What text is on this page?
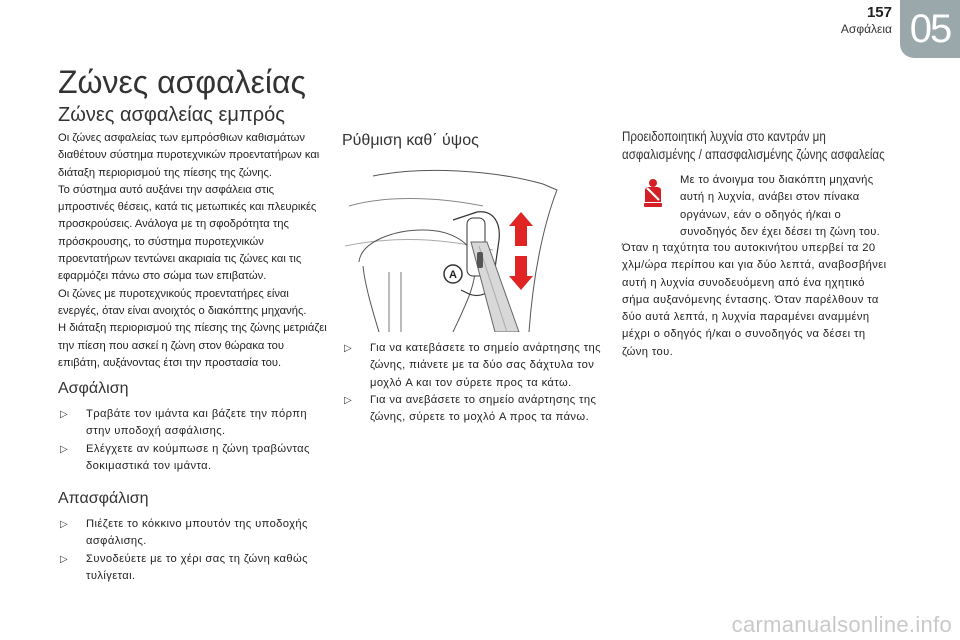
157
Ασφάλεια 05
Ζώνες ασφαλείας
Ζώνες ασφαλείας εμπρός

Οι ζώνες ασφαλείας των εμπρόσθιων καθισμάτων διαθέτουν σύστημα πυροτεχνικών προεντατήρων και διάταξη περιορισμού της πίεσης της ζώνης.

Το σύστημα αυτό αυξάνει την ασφάλεια στις μπροστινές θέσεις, κατά τις μετωπικές και πλευρικές προσκρούσεις. Ανάλογα με τη σφοδρότητα της πρόσκρουσης, το σύστημα πυροτεχνικών προεντατήρων τεντώνει ακαριαία τις ζώνες και τις εφαρμόζει πάνω στο σώμα των επιβατών.

Οι ζώνες με πυροτεχνικούς προεντατήρες είναι ενεργές, όταν είναι ανοιχτός ο διακόπτης μηχανής.

Η διάταξη περιορισμού της πίεσης της ζώνης μετριάζει την πίεση που ασκεί η ζώνη στον θώρακα του επιβάτη, αυξάνοντας έτσι την προστασία του.

Ασφάλιση
▷ Τραβάτε τον ιμάντα και βάζετε την πόρπη στην υποδοχή ασφάλισης.
▷ Ελέγχετε αν κούμπωσε η ζώνη τραβώντας δοκιμαστικά τον ιμάντα.
Απασφάλιση
▷ Πιέζετε το κόκκινο μπουτόν της υποδοχής ασφάλισης.
▷ Συνοδεύετε με το χέρι σας τη ζώνη καθώς τυλίγεται.
Ρύθμιση καθ΄ ύψος
A
▷ Για να κατεβάσετε το σημείο ανάρτησης της ζώνης, πιάνετε με τα δύο σας δάχτυλα τον μοχλό A και τον σύρετε προς τα κάτω.
▷ Για να ανεβάσετε το σημείο ανάρτησης της ζώνης, σύρετε το μοχλό A προς τα πάνω.
Προειδοποιητική λυχνία στο καντράν μη
ασφαλισμένης / απασφαλισμένης ζώνης ασφαλείας
Με το άνοιγμα του διακόπτη μηχανής αυτή η λυχνία, ανάβει στον πίνακα οργάνων, εάν ο οδηγός ή/και ο συνοδηγός δεν έχει δέσει τη ζώνη του.

Όταν η ταχύτητα του αυτοκινήτου υπερβεί τα 20 χλμ/ώρα περίπου και για δύο λεπτά, αναβοσβήνει αυτή η λυχνία συνοδευόμενη από ένα ηχητικό σήμα αυξανόμενης έντασης. Όταν παρέλθουν τα δύο αυτά λεπτά, η λυχνία παραμένει αναμμένη μέχρι ο οδηγός ή/και ο συνοδηγός να δέσει τη ζώνη του.

carmanualsonline.info
